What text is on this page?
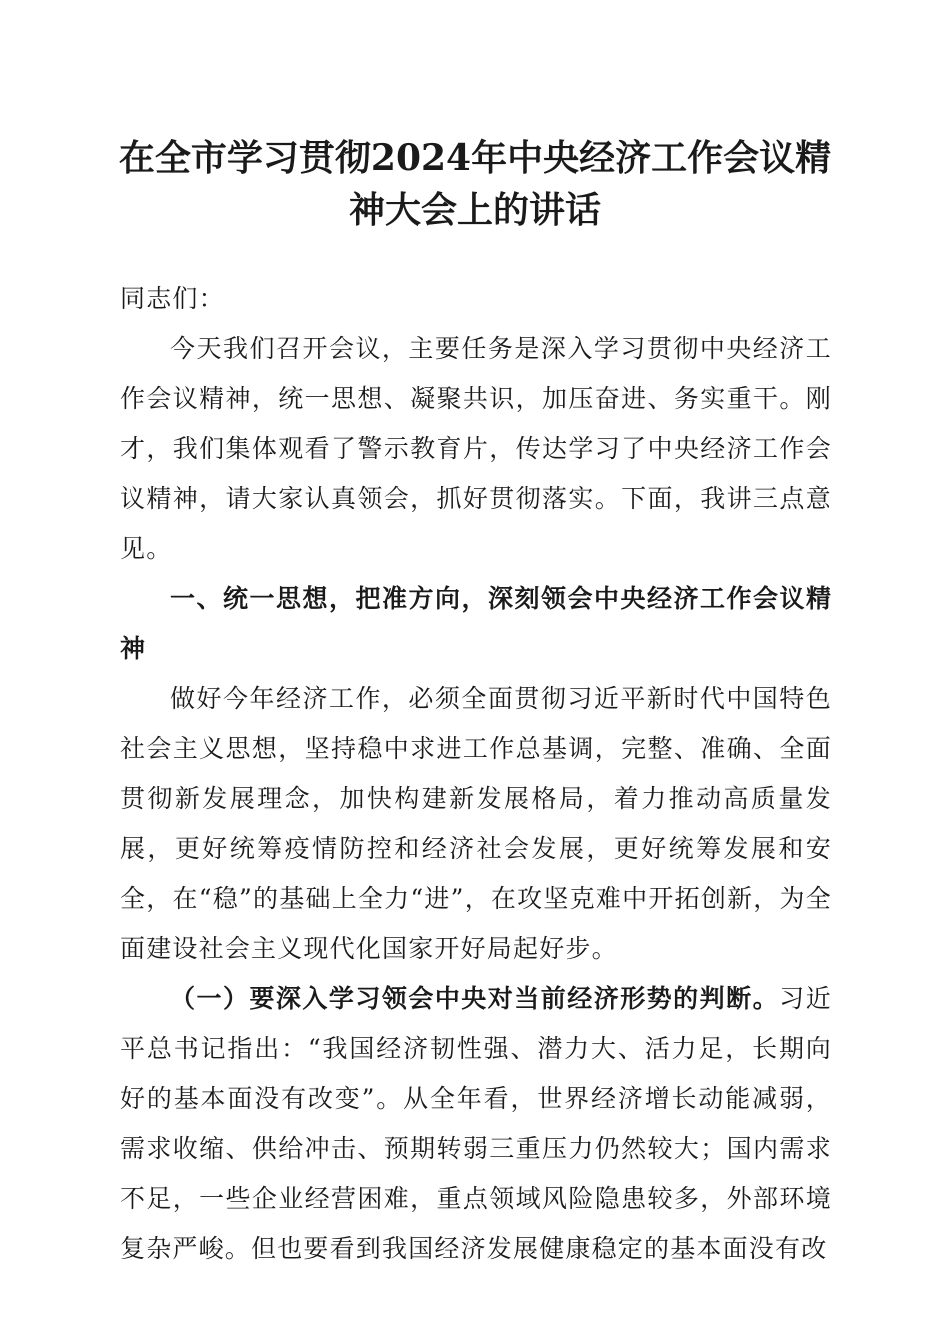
在全市学习贯彻2024年中央经济工作会议精
神大会上的讲话

同志们：

今天我们召开会议，主要任务是深入学习贯彻中央经济工作会议精神，统一思想、凝聚共识，加压奋进、务实重干。刚才，我们集体观看了警示教育片，传达学习了中央经济工作会议精神，请大家认真领会，抓好贯彻落实。下面，我讲三点意见。

一、统一思想，把准方向，深刻领会中央经济工作会议精神

做好今年经济工作，必须全面贯彻习近平新时代中国特色社会主义思想，坚持稳中求进工作总基调，完整、准确、全面贯彻新发展理念，加快构建新发展格局，着力推动高质量发展，更好统筹疫情防控和经济社会发展，更好统筹发展和安全，在“稳”的基础上全力“进”，在攻坚克难中开拓创新，为全面建设社会主义现代化国家开好局起好步。

（一）要深入学习领会中央对当前经济形势的判断。习近平总书记指出：“我国经济韧性强、潜力大、活力足，长期向好的基本面没有改变”。从全年看，世界经济增长动能减弱，需求收缩、供给冲击、预期转弱三重压力仍然较大；国内需求不足，一些企业经营困难，重点领域风险隐患较多，外部环境复杂严峻。但也要看到我国经济发展健康稳定的基本面没有改
